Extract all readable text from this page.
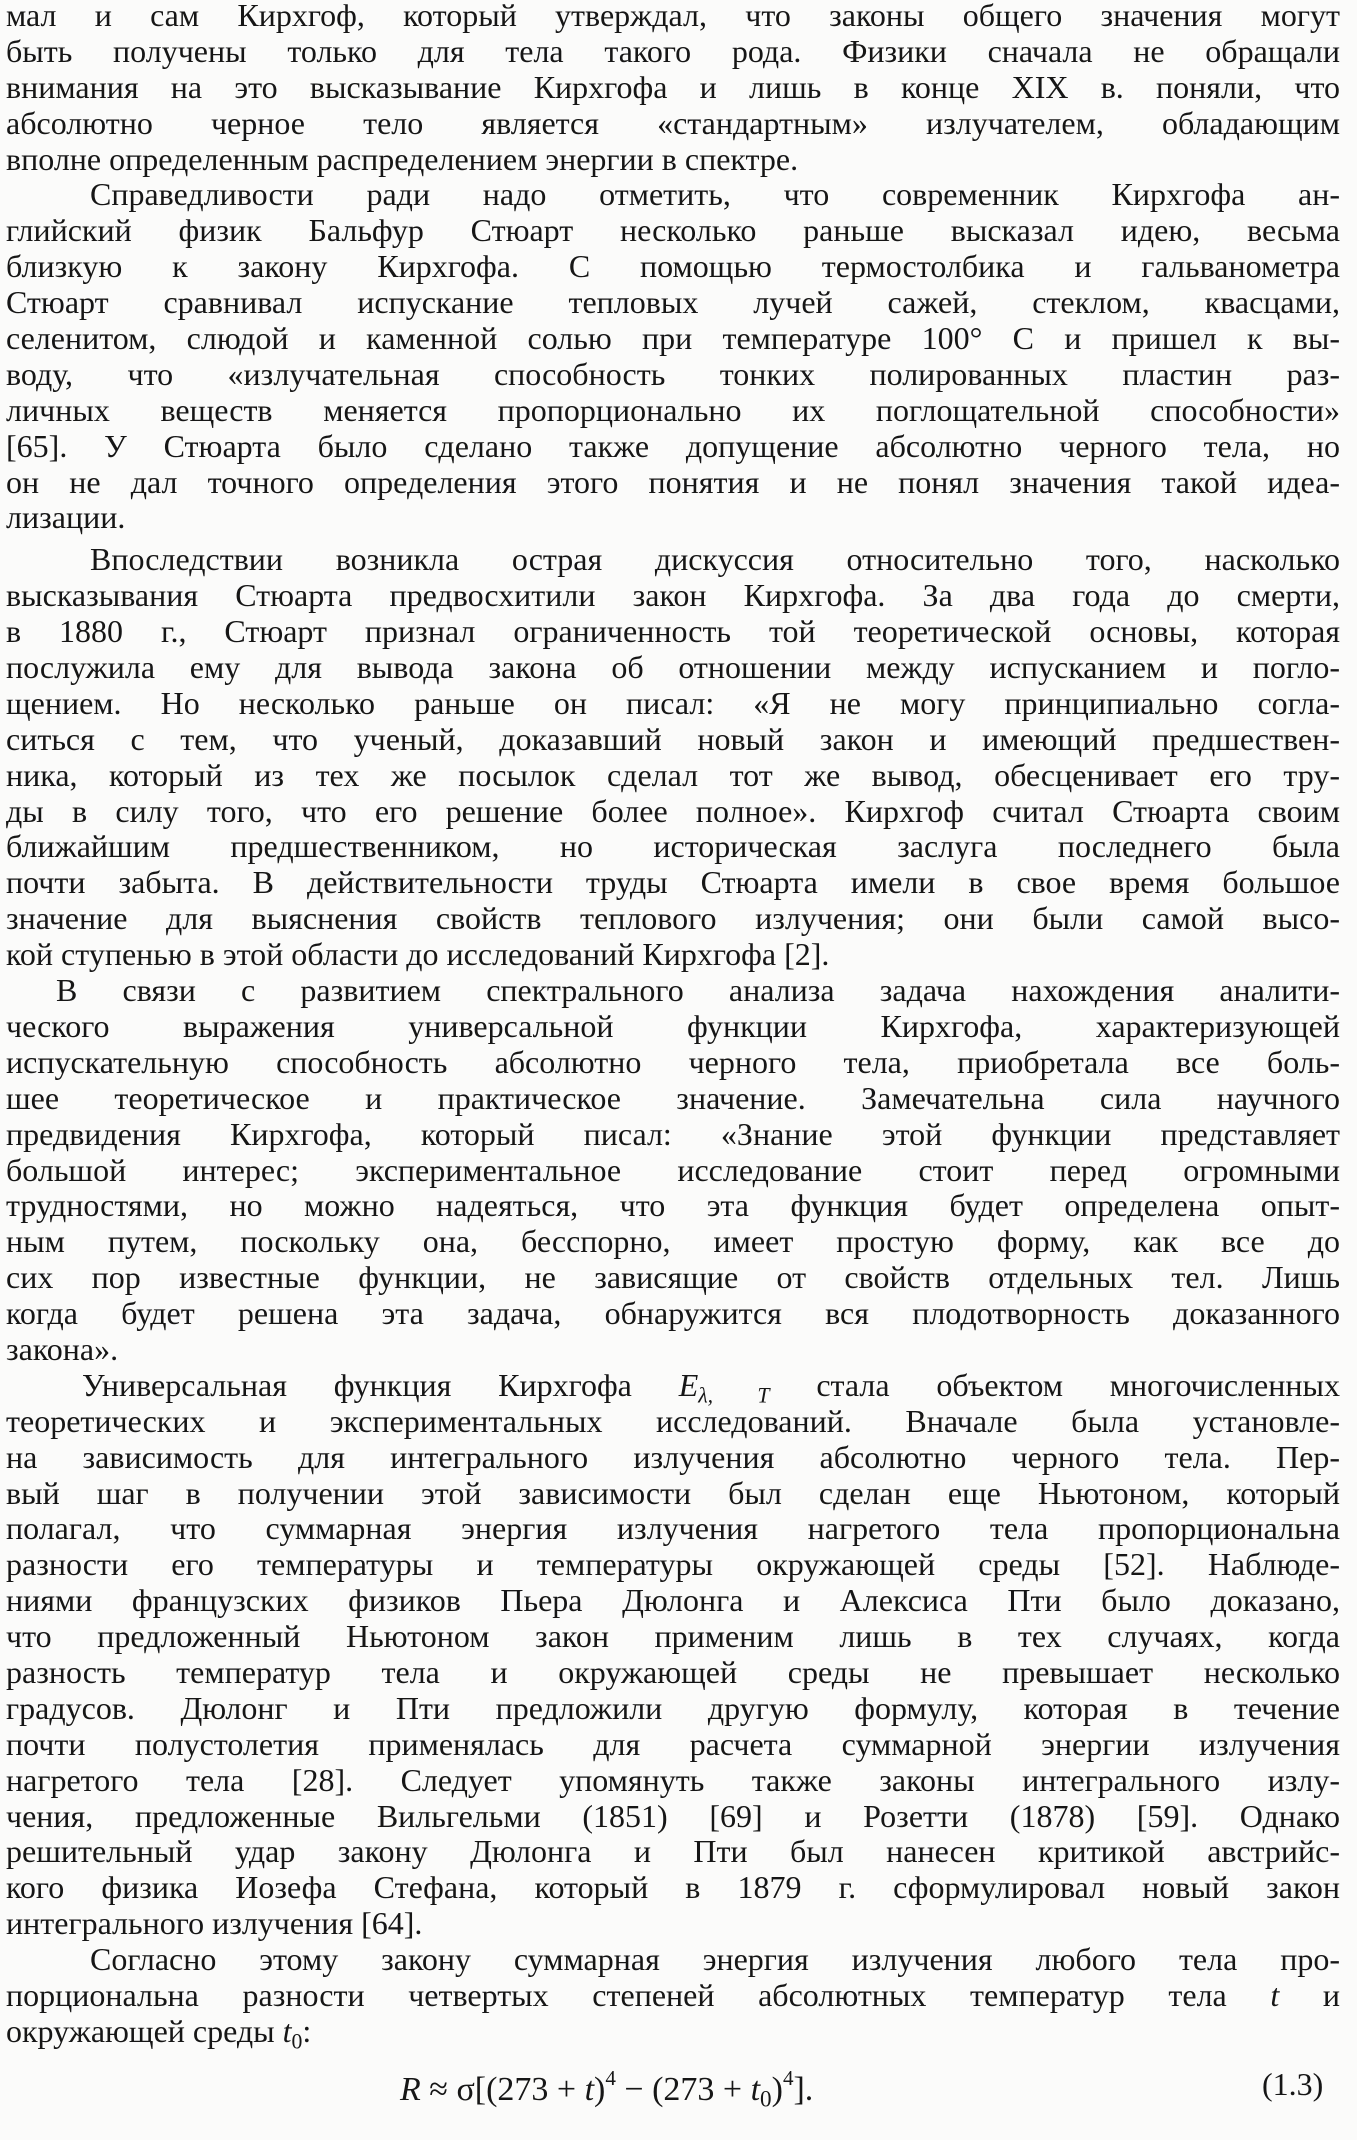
мал и сам Кирхгоф, который утверждал, что законы общего значения могут
быть получены только для тела такого рода. Физики сначала не обращали
внимания на это высказывание Кирхгофа и лишь в конце XIX в. поняли, что
абсолютно черное тело является «стандартным» излучателем, обладающим
вполне определенным распределением энергии в спектре.
Справедливости ради надо отметить, что современник Кирхгофа ан-
глийский физик Бальфур Стюарт несколько раньше высказал идею, весьма
близкую к закону Кирхгофа. С помощью термостолбика и гальванометра
Стюарт сравнивал испускание тепловых лучей сажей, стеклом, квасцами,
селенитом, слюдой и каменной солью при температуре 100° С и пришел к вы-
воду, что «излучательная способность тонких полированных пластин раз-
личных веществ меняется пропорционально их поглощательной способности»
[65]. У Стюарта было сделано также допущение абсолютно черного тела, но
он не дал точного определения этого понятия и не понял значения такой идеа-
лизации.
Впоследствии возникла острая дискуссия относительно того, насколько
высказывания Стюарта предвосхитили закон Кирхгофа. За два года до смерти,
в 1880 г., Стюарт признал ограниченность той теоретической основы, которая
послужила ему для вывода закона об отношении между испусканием и погло-
щением. Но несколько раньше он писал: «Я не могу принципиально согла-
ситься с тем, что ученый, доказавший новый закон и имеющий предшествен-
ника, который из тех же посылок сделал тот же вывод, обесценивает его тру-
ды в силу того, что его решение более полное». Кирхгоф считал Стюарта своим
ближайшим предшественником, но историческая заслуга последнего была
почти забыта. В действительности труды Стюарта имели в свое время большое
значение для выяснения свойств теплового излучения; они были самой высо-
кой ступенью в этой области до исследований Кирхгофа [2].
В связи с развитием спектрального анализа задача нахождения аналити-
ческого выражения универсальной функции Кирхгофа, характеризующей
испускательную способность абсолютно черного тела, приобретала все боль-
шее теоретическое и практическое значение. Замечательна сила научного
предвидения Кирхгофа, который писал: «Знание этой функции представляет
большой интерес; экспериментальное исследование стоит перед огромными
трудностями, но можно надеяться, что эта функция будет определена опыт-
ным путем, поскольку она, бесспорно, имеет простую форму, как все до
сих пор известные функции, не зависящие от свойств отдельных тел. Лишь
когда будет решена эта задача, обнаружится вся плодотворность доказанного
закона».
Универсальная функция Кирхгофа $E_{\lambda, T}$ стала объектом многочисленных
теоретических и экспериментальных исследований. Вначале была установле-
на зависимость для интегрального излучения абсолютно черного тела. Пер-
вый шаг в получении этой зависимости был сделан еще Ньютоном, который
полагал, что суммарная энергия излучения нагретого тела пропорциональна
разности его температуры и температуры окружающей среды [52]. Наблюде-
ниями французских физиков Пьера Дюлонга и Алексиса Пти было доказано,
что предложенный Ньютоном закон применим лишь в тех случаях, когда
разность температур тела и окружающей среды не превышает несколько
градусов. Дюлонг и Пти предложили другую формулу, которая в течение
почти полустолетия применялась для расчета суммарной энергии излучения
нагретого тела [28]. Следует упомянуть также законы интегрального излу-
чения, предложенные Вильгельми (1851) [69] и Розетти (1878) [59]. Однако
решительный удар закону Дюлонга и Пти был нанесен критикой австрийс-
кого физика Иозефа Стефана, который в 1879 г. сформулировал новый закон
интегрального излучения [64].
Согласно этому закону суммарная энергия излучения любого тела про-
порциональна разности четвертых степеней абсолютных температур тела t и
окружающей среды $t_0$:
$R \approx \sigma[(273 + t)^4 - (273 + t_0)^4]$.	(1.3)
